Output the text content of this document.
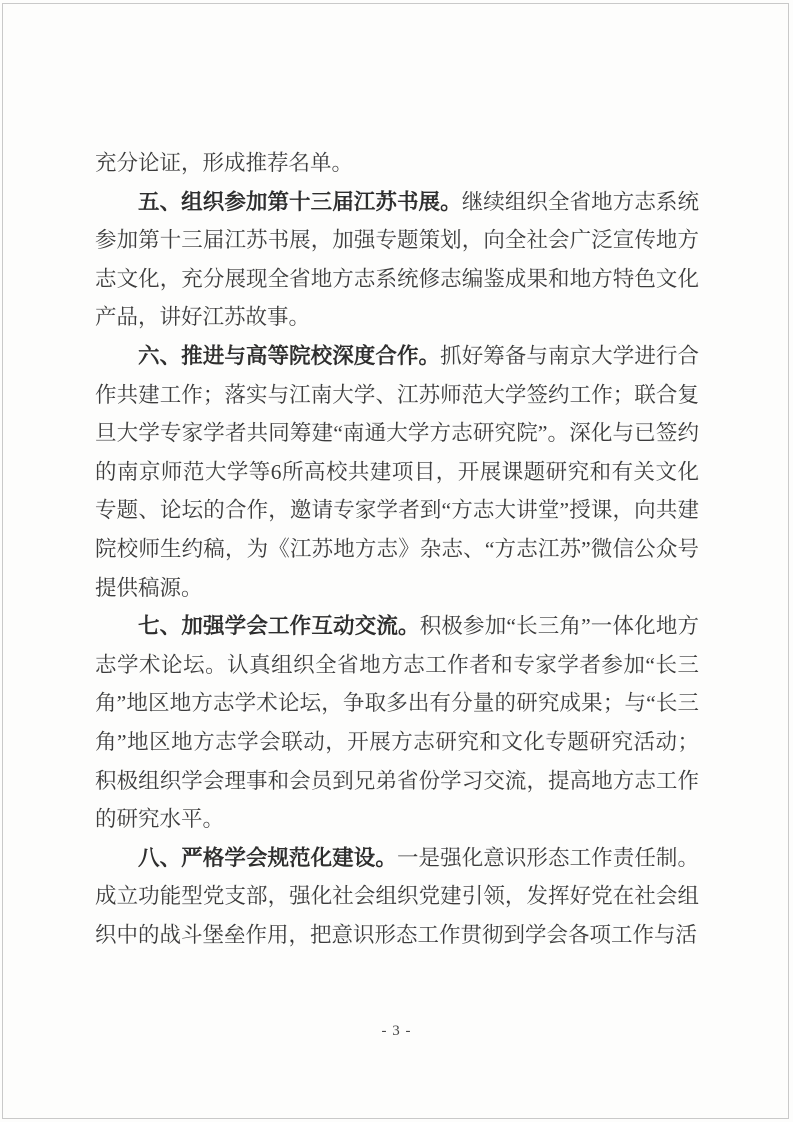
充分论证，形成推荐名单。

五、组织参加第十三届江苏书展。继续组织全省地方志系统参加第十三届江苏书展，加强专题策划，向全社会广泛宣传地方志文化，充分展现全省地方志系统修志编鉴成果和地方特色文化产品，讲好江苏故事。

六、推进与高等院校深度合作。抓好筹备与南京大学进行合作共建工作；落实与江南大学、江苏师范大学签约工作；联合复旦大学专家学者共同筹建“南通大学方志研究院”。深化与已签约的南京师范大学等6所高校共建项目，开展课题研究和有关文化专题、论坛的合作，邀请专家学者到“方志大讲堂”授课，向共建院校师生约稿，为《江苏地方志》杂志、“方志江苏”微信公众号提供稿源。

七、加强学会工作互动交流。积极参加“长三角”一体化地方志学术论坛。认真组织全省地方志工作者和专家学者参加“长三角”地区地方志学术论坛，争取多出有分量的研究成果；与“长三角”地区地方志学会联动，开展方志研究和文化专题研究活动；积极组织学会理事和会员到兄弟省份学习交流，提高地方志工作的研究水平。

八、严格学会规范化建设。一是强化意识形态工作责任制。成立功能型党支部，强化社会组织党建引领，发挥好党在社会组织中的战斗堡垒作用，把意识形态工作贯彻到学会各项工作与活

- 3 -
